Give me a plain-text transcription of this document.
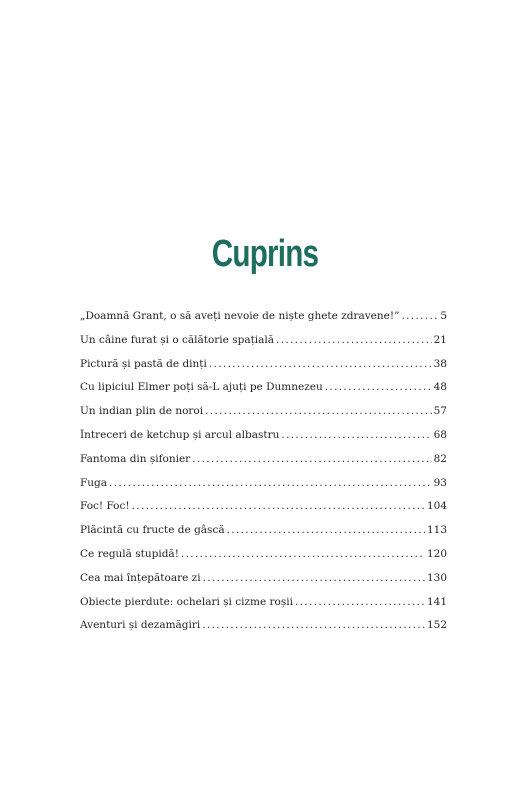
Cuprins
„Doamnă Grant, o să aveți nevoie de niște ghete zdravene!” . . .	5
Un câine furat și o călătorie spațială . . .	21
Pictură și pastă de dinți . . .	38
Cu lipiciul Elmer poți să-L ajuți pe Dumnezeu . . .	48
Un indian plin de noroi . . .	57
Întreceri de ketchup și arcul albastru . . .	68
Fantoma din șifonier . . .	82
Fuga . . .	93
Foc! Foc! . . .	104
Plăcintă cu fructe de gâscă . . .	113
Ce regulă stupidă! . . .	120
Cea mai înțepătoare zi . . .	130
Obiecte pierdute: ochelari și cizme roșii . . .	141
Aventuri și dezamăgiri . . .	152
